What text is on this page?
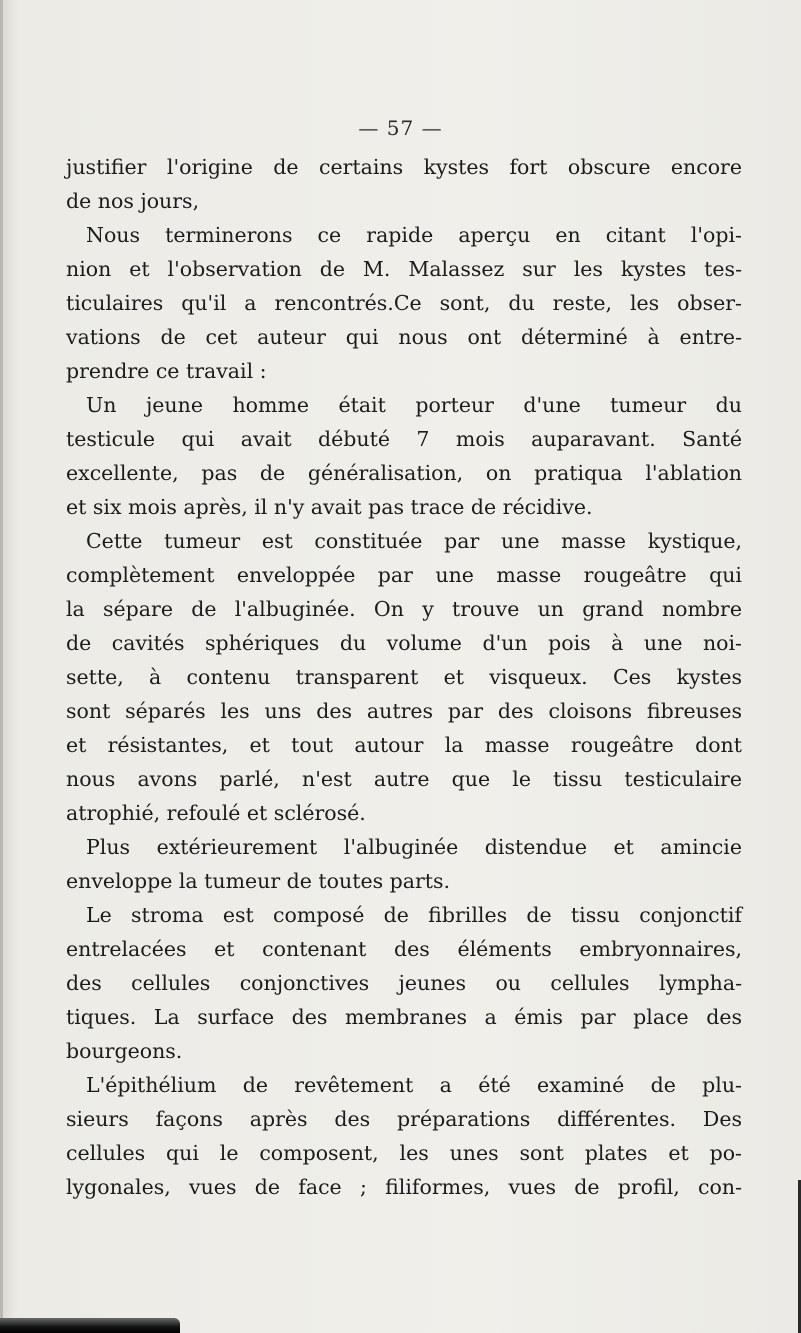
— 57 —
justifier l'origine de certains kystes fort obscure encore
de nos jours,
Nous terminerons ce rapide aperçu en citant l'opi-
nion et l'observation de M. Malassez sur les kystes tes-
ticulaires qu'il a rencontrés.Ce sont, du reste, les obser-
vations de cet auteur qui nous ont déterminé à entre-
prendre ce travail :
Un jeune homme était porteur d'une tumeur du
testicule qui avait débuté 7 mois auparavant. Santé
excellente, pas de généralisation, on pratiqua l'ablation
et six mois après, il n'y avait pas trace de récidive.
Cette tumeur est constituée par une masse kystique,
complètement enveloppée par une masse rougeâtre qui
la sépare de l'albuginée. On y trouve un grand nombre
de cavités sphériques du volume d'un pois à une noi-
sette, à contenu transparent et visqueux. Ces kystes
sont séparés les uns des autres par des cloisons fibreuses
et résistantes, et tout autour la masse rougeâtre dont
nous avons parlé, n'est autre que le tissu testiculaire
atrophié, refoulé et sclérosé.
Plus extérieurement l'albuginée distendue et amincie
enveloppe la tumeur de toutes parts.
Le stroma est composé de fibrilles de tissu conjonctif
entrelacées et contenant des éléments embryonnaires,
des cellules conjonctives jeunes ou cellules lympha-
tiques. La surface des membranes a émis par place des
bourgeons.
L'épithélium de revêtement a été examiné de plu-
sieurs façons après des préparations différentes. Des
cellules qui le composent, les unes sont plates et po-
lygonales, vues de face ; filiformes, vues de profil, con-
